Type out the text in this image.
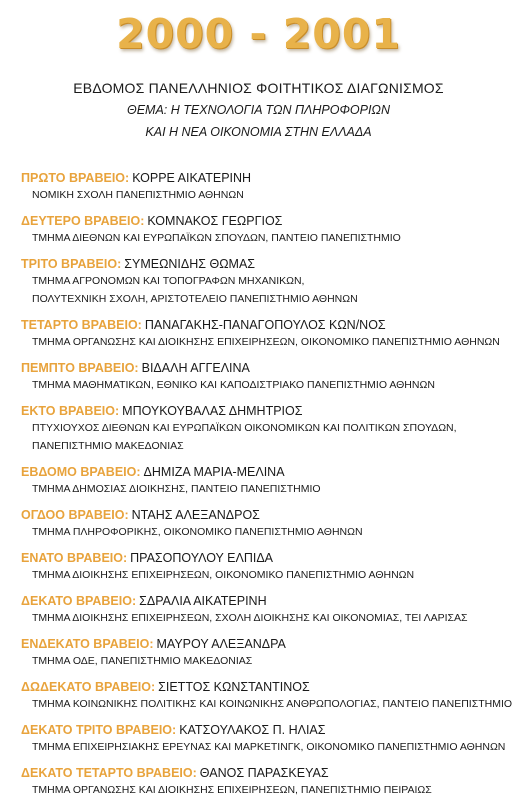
2000 - 2001
ΕΒΔΟΜΟΣ ΠΑΝΕΛΛΗΝΙΟΣ ΦΟΙΤΗΤΙΚΟΣ ΔΙΑΓΩΝΙΣΜΟΣ
ΘΕΜΑ: Η ΤΕΧΝΟΛΟΓΙΑ ΤΩΝ ΠΛΗΡΟΦΟΡΙΩΝ
ΚΑΙ Η ΝΕΑ ΟΙΚΟΝΟΜΙΑ ΣΤΗΝ ΕΛΛΑΔΑ
ΠΡΩΤΟ ΒΡΑΒΕΙΟ: ΚΟΡΡΕ ΑΙΚΑΤΕΡΙΝΗ
ΝΟΜΙΚΗ ΣΧΟΛΗ ΠΑΝΕΠΙΣΤΗΜΙΟ ΑΘΗΝΩΝ
ΔΕΥΤΕΡΟ ΒΡΑΒΕΙΟ: ΚΟΜΝΑΚΟΣ ΓΕΩΡΓΙΟΣ
ΤΜΗΜΑ ΔΙΕΘΝΩΝ ΚΑΙ ΕΥΡΩΠΑΪΚΩΝ ΣΠΟΥΔΩΝ, ΠΑΝΤΕΙΟ ΠΑΝΕΠΙΣΤΗΜΙΟ
ΤΡΙΤΟ ΒΡΑΒΕΙΟ: ΣΥΜΕΩΝΙΔΗΣ ΘΩΜΑΣ
ΤΜΗΜΑ ΑΓΡΟΝΟΜΩΝ ΚΑΙ ΤΟΠΟΓΡΑΦΩΝ ΜΗΧΑΝΙΚΩΝ,
ΠΟΛΥΤΕΧΝΙΚΗ ΣΧΟΛΗ, ΑΡΙΣΤΟΤΕΛΕΙΟ ΠΑΝΕΠΙΣΤΗΜΙΟ ΑΘΗΝΩΝ
ΤΕΤΑΡΤΟ ΒΡΑΒΕΙΟ: ΠΑΝΑΓΑΚΗΣ-ΠΑΝΑΓΟΠΟΥΛΟΣ ΚΩΝ/ΝΟΣ
ΤΜΗΜΑ ΟΡΓΑΝΩΣΗΣ ΚΑΙ ΔΙΟΙΚΗΣΗΣ ΕΠΙΧΕΙΡΗΣΕΩΝ, ΟΙΚΟΝΟΜΙΚΟ ΠΑΝΕΠΙΣΤΗΜΙΟ ΑΘΗΝΩΝ
ΠΕΜΠΤΟ ΒΡΑΒΕΙΟ: ΒΙΔΑΛΗ ΑΓΓΕΛΙΝΑ
ΤΜΗΜΑ ΜΑΘΗΜΑΤΙΚΩΝ, ΕΘΝΙΚΟ ΚΑΙ ΚΑΠΟΔΙΣΤΡΙΑΚΟ ΠΑΝΕΠΙΣΤΗΜΙΟ ΑΘΗΝΩΝ
ΕΚΤΟ ΒΡΑΒΕΙΟ: ΜΠΟΥΚΟΥΒΑΛΑΣ ΔΗΜΗΤΡΙΟΣ
ΠΤΥΧΙΟΥΧΟΣ ΔΙΕΘΝΩΝ ΚΑΙ ΕΥΡΩΠΑΪΚΩΝ ΟΙΚΟΝΟΜΙΚΩΝ ΚΑΙ ΠΟΛΙΤΙΚΩΝ ΣΠΟΥΔΩΝ,
ΠΑΝΕΠΙΣΤΗΜΙΟ ΜΑΚΕΔΟΝΙΑΣ
ΕΒΔΟΜΟ ΒΡΑΒΕΙΟ: ΔΗΜΙΖΑ ΜΑΡΙΑ-ΜΕΛΙΝΑ
ΤΜΗΜΑ ΔΗΜΟΣΙΑΣ ΔΙΟΙΚΗΣΗΣ, ΠΑΝΤΕΙΟ ΠΑΝΕΠΙΣΤΗΜΙΟ
ΟΓΔΟΟ ΒΡΑΒΕΙΟ: ΝΤΑΗΣ ΑΛΕΞΑΝΔΡΟΣ
ΤΜΗΜΑ ΠΛΗΡΟΦΟΡΙΚΗΣ, ΟΙΚΟΝΟΜΙΚΟ ΠΑΝΕΠΙΣΤΗΜΙΟ ΑΘΗΝΩΝ
ΕΝΑΤΟ ΒΡΑΒΕΙΟ: ΠΡΑΣΟΠΟΥΛΟΥ ΕΛΠΙΔΑ
ΤΜΗΜΑ ΔΙΟΙΚΗΣΗΣ ΕΠΙΧΕΙΡΗΣΕΩΝ, ΟΙΚΟΝΟΜΙΚΟ ΠΑΝΕΠΙΣΤΗΜΙΟ ΑΘΗΝΩΝ
ΔΕΚΑΤΟ ΒΡΑΒΕΙΟ: ΣΔΡΑΛΙΑ ΑΙΚΑΤΕΡΙΝΗ
ΤΜΗΜΑ ΔΙΟΙΚΗΣΗΣ ΕΠΙΧΕΙΡΗΣΕΩΝ, ΣΧΟΛΗ ΔΙΟΙΚΗΣΗΣ ΚΑΙ ΟΙΚΟΝΟΜΙΑΣ, ΤΕΙ ΛΑΡΙΣΑΣ
ΕΝΔΕΚΑΤΟ ΒΡΑΒΕΙΟ: ΜΑΥΡΟΥ ΑΛΕΞΑΝΔΡΑ
ΤΜΗΜΑ ΟΔΕ, ΠΑΝΕΠΙΣΤΗΜΙΟ ΜΑΚΕΔΟΝΙΑΣ
ΔΩΔΕΚΑΤΟ ΒΡΑΒΕΙΟ: ΣΙΕΤΤΟΣ ΚΩΝΣΤΑΝΤΙΝΟΣ
ΤΜΗΜΑ ΚΟΙΝΩΝΙΚΗΣ ΠΟΛΙΤΙΚΗΣ ΚΑΙ ΚΟΙΝΩΝΙΚΗΣ ΑΝΘΡΩΠΟΛΟΓΙΑΣ, ΠΑΝΤΕΙΟ ΠΑΝΕΠΙΣΤΗΜΙΟ
ΔΕΚΑΤΟ ΤΡΙΤΟ ΒΡΑΒΕΙΟ: ΚΑΤΣΟΥΛΑΚΟΣ Π. ΗΛΙΑΣ
ΤΜΗΜΑ ΕΠΙΧΕΙΡΗΣΙΑΚΗΣ ΕΡΕΥΝΑΣ ΚΑΙ ΜΑΡΚΕΤΙΝΓΚ, ΟΙΚΟΝΟΜΙΚΟ ΠΑΝΕΠΙΣΤΗΜΙΟ ΑΘΗΝΩΝ
ΔΕΚΑΤΟ ΤΕΤΑΡΤΟ ΒΡΑΒΕΙΟ: ΘΑΝΟΣ ΠΑΡΑΣΚΕΥΑΣ
ΤΜΗΜΑ ΟΡΓΑΝΩΣΗΣ ΚΑΙ ΔΙΟΙΚΗΣΗΣ ΕΠΙΧΕΙΡΗΣΕΩΝ, ΠΑΝΕΠΙΣΤΗΜΙΟ ΠΕΙΡΑΙΩΣ
